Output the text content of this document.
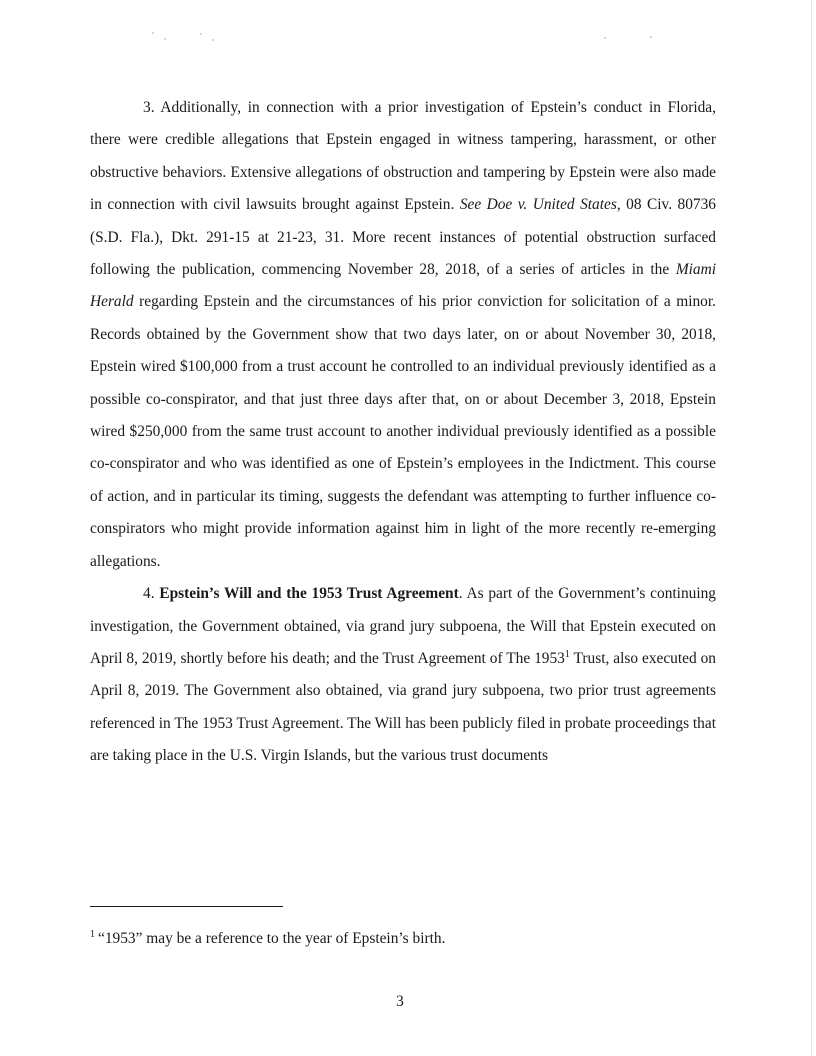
3. Additionally, in connection with a prior investigation of Epstein’s conduct in Florida, there were credible allegations that Epstein engaged in witness tampering, harassment, or other obstructive behaviors. Extensive allegations of obstruction and tampering by Epstein were also made in connection with civil lawsuits brought against Epstein. See Doe v. United States, 08 Civ. 80736 (S.D. Fla.), Dkt. 291-15 at 21-23, 31. More recent instances of potential obstruction surfaced following the publication, commencing November 28, 2018, of a series of articles in the Miami Herald regarding Epstein and the circumstances of his prior conviction for solicitation of a minor. Records obtained by the Government show that two days later, on or about November 30, 2018, Epstein wired $100,000 from a trust account he controlled to an individual previously identified as a possible co-conspirator, and that just three days after that, on or about December 3, 2018, Epstein wired $250,000 from the same trust account to another individual previously identified as a possible co-conspirator and who was identified as one of Epstein’s employees in the Indictment. This course of action, and in particular its timing, suggests the defendant was attempting to further influence co-conspirators who might provide information against him in light of the more recently re-emerging allegations.

4. Epstein’s Will and the 1953 Trust Agreement. As part of the Government’s continuing investigation, the Government obtained, via grand jury subpoena, the Will that Epstein executed on April 8, 2019, shortly before his death; and the Trust Agreement of The 1953$^1$ Trust, also executed on April 8, 2019. The Government also obtained, via grand jury subpoena, two prior trust agreements referenced in The 1953 Trust Agreement. The Will has been publicly filed in probate proceedings that are taking place in the U.S. Virgin Islands, but the various trust documents

$^1$ “1953” may be a reference to the year of Epstein’s birth.
3
